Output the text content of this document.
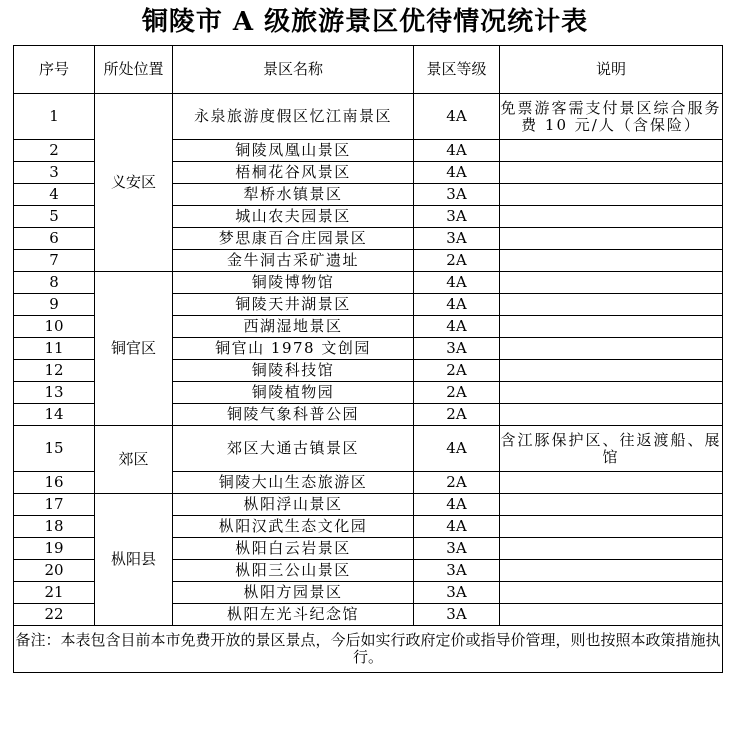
铜陵市 A 级旅游景区优待情况统计表
序号	所处位置	景区名称	景区等级	说明
1	义安区	永泉旅游度假区忆江南景区	4A	免票游客需支付景区综合服务费 10 元/人（含保险）
2		铜陵凤凰山景区	4A	
3		梧桐花谷风景区	4A	
4		犁桥水镇景区	3A	
5		城山农夫园景区	3A	
6		梦思康百合庄园景区	3A	
7		金牛洞古采矿遗址	2A	
8	铜官区	铜陵博物馆	4A	
9		铜陵天井湖景区	4A	
10		西湖湿地景区	4A	
11		铜官山 1978 文创园	3A	
12		铜陵科技馆	2A	
13		铜陵植物园	2A	
14		铜陵气象科普公园	2A	
15	郊区	郊区大通古镇景区	4A	含江豚保护区、往返渡船、展馆
16		铜陵大山生态旅游区	2A	
17	枞阳县	枞阳浮山景区	4A	
18		枞阳汉武生态文化园	4A	
19		枞阳白云岩景区	3A	
20		枞阳三公山景区	3A	
21		枞阳方园景区	3A	
22		枞阳左光斗纪念馆	3A	
备注：本表包含目前本市免费开放的景区景点，今后如实行政府定价或指导价管理，则也按照本政策措施执行。				
